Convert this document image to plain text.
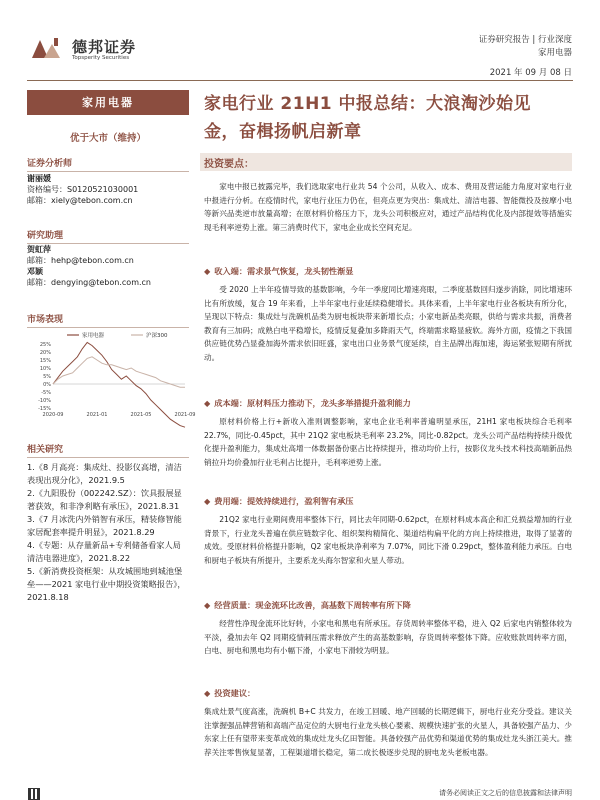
德邦证券
Topsperity Securities
证券研究报告 | 行业深度
家用电器
2021 年 09 月 08 日
家用电器
优于大市（维持）
证券分析师
谢丽媛
资格编号：S0120521030001
邮箱：xiely@tebon.com.cn
研究助理
贺虹萍
邮箱：hehp@tebon.com.cn
邓颖
邮箱：dengying@tebon.com.cn
市场表现
-15%
-10%
-5%
0%
5%
10%
15%
20%
25%
2020-09	2021-01	2021-05	2021-09
家用电器	沪深300
相关研究
1.《8 月高亮：集成灶、投影仪高增，清洁表现出现分化》，2021.9.5
2.《九阳股份（002242.SZ）：饮具报展显著获效，和非净利略有承压》，2021.8.31
3.《7 月冰洗内外销智有承压，精装修智能家居配套率提升明显》，2021.8.29
4.《专题：从存量新品+专利储备看家人局清洁电器进度》，2021.8.22
5.《新消费投资框架：从攻城围地到城池堡垒——2021 家电行业中期投资策略报告》，2021.8.18
家电行业 21H1 中报总结：大浪淘沙始见金，奋楫扬帆启新章
投资要点：
家电中报已披露完毕，我们选取家电行业共 54 个公司，从收入、成本、费用及营运能力角度对家电行业中报进行分析。在疫情时代，家电行业压力仍在，但亮点更为突出：集成灶、清洁电器、智能微投及按摩小电等新兴品类逆市放量高增；在原材料价格压力下，龙头公司积极应对，通过产品结构优化及内部提效等措施实现毛利率逆势上涨。第三消费时代下，家电企业成长空间充足。
◆ 收入端：需求景气恢复，龙头韧性渐显
受 2020 上半年疫情导致的基数影响，今年一季度同比增速亮眼，二季度基数回归遂步消除，同比增速环比有所放缓，复合 19 年来看，上半年家电行业延续稳健增长。具体来看，上半年家电行业各板块有所分化，呈现以下特点：集成灶与洗碗机品类为厨电板块带来新增长点；小家电新品类亮眼，供给与需求共振，消费者教育有三加码；成熟白电平稳增长，疫情反复叠加多降雨天气，终端需求略显疲软。海外方面，疫情之下我国供应链优势凸显叠加海外需求依旧旺盛，家电出口业务景气度延续，自主品牌出海加速，海运紧张短期有所扰动。
◆ 成本端：原材料压力推动下，龙头多举措提升盈利能力
原材料价格上行+新收入准则调整影响，家电企业毛利率普遍明显承压，21H1 家电板块综合毛利率 22.7%，同比-0.45pct，其中 21Q2 家电板块毛利率 23.2%，同比-0.82pct。龙头公司产品结构持续升级优化提升盈利能力，集成灶高增一体数据备份驱占比持续提升，推动均价上行，按影仪龙头技术科技高端新品热销拉升均价叠加行业毛利占比提升，毛利率逆势上涨。
◆ 费用端：提效持续进行，盈利智有承压
21Q2 家电行业期间费用率整体下行，同比去年同期-0.62pct，在原材料成本高企和汇兑损益增加的行业背景下，行业龙头普遍在供应链数字化、组织架构精简化、渠道结构扁平化的方向上持续推进，取得了显著的成效。受原材料价格提升影响，Q2 家电板块净利率为 7.07%，同比下滑 0.29pct，整体盈利能力承压。白电和厨电子板块有所提升，主要系龙头海尔智家和火星人带动。
◆ 经营质量：现金流环比改善，高基数下周转率有所下降
经营性净现金流环比好转，小家电和黑电有所承压。存货周转率整体平稳，进入 Q2 后家电内销整体较为平淡，叠加去年 Q2 同期疫情刺压需求释放产生的高基数影响，存货周转率整体下降。应收账款周转率方面，白电、厨电和黑电均有小幅下滑，小家电下滑较为明显。
◆ 投资建议：
集成灶景气度高涨，洗碗机 B+C 共发力，在竣工回暖、地产回暖的长期逻辑下，厨电行业充分受益。建议关注掌握强品牌营销和高端产品定位的大厨电行业龙头核心要素、规模快速扩张的火星人，具备较强产品力、少东家上任有望带来变革成效的集成灶龙头亿田智能。具备较强产品优势和渠道优势的集成灶龙头浙江美大。推荐关注零售恢复显著，工程渠道增长稳定，第二成长极逐步兑现的厨电龙头老板电器。
请务必阅读正文之后的信息披露和法律声明
